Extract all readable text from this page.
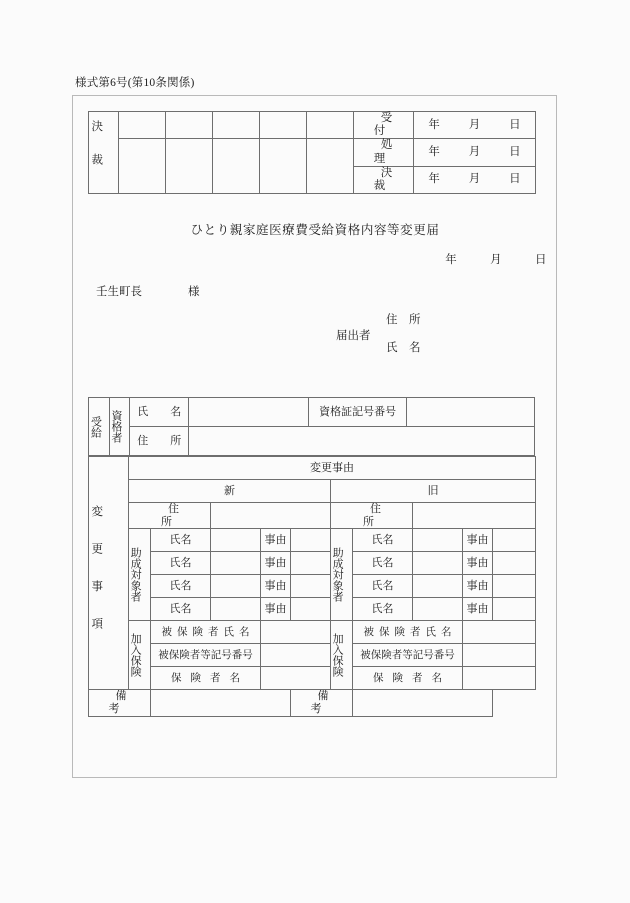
様式第6号(第10条関係)
決裁						受　付	年 月 日

						処　理	年 月 日

						決　裁	年 月 日
ひとり親家庭医療費受給資格内容等変更届
年	月	日
壬生町長	様
届出者
住　所
氏　名
受給	資格者	氏　　名		資格証記号番号	
		住　　所			
変更事項	変更事由									
	新					旧				
	住　　所					住　　所				

助成対象者	氏名		事由		助成対象者	氏名		事由	
		氏名		事由			氏名		事由	
		氏名		事由			氏名		事由	
		氏名		事由			氏名		事由	

加入保険	被保険者氏名				加入保険	被保険者氏名			
		被保険者等記号番号					被保険者等記号番号			
		保険者名					保険者名			
備　考					備　考					
